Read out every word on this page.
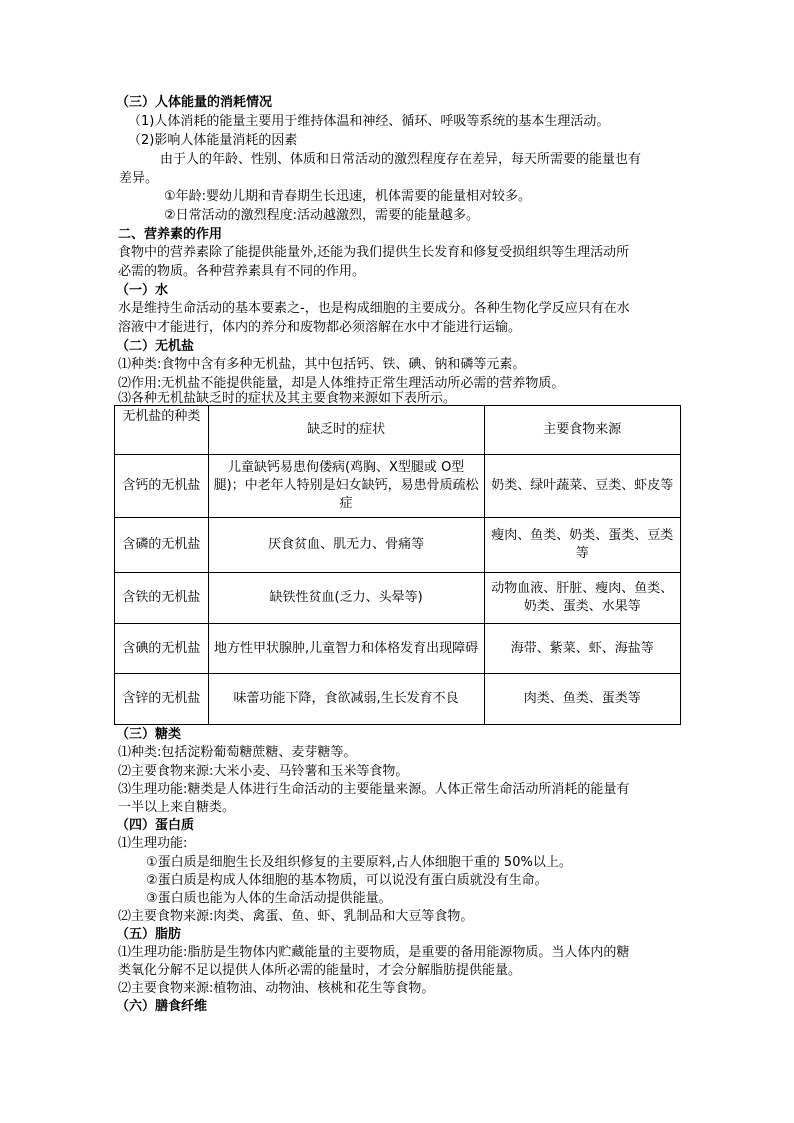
（三）人体能量的消耗情况
（1)人体消耗的能量主要用于维持体温和神经、循环、呼吸等系统的基本生理活动。
（2)影响人体能量消耗的因素
由于人的年龄、性别、体质和日常活动的激烈程度存在差异，每天所需要的能量也有
差异。
①年龄:婴幼儿期和青春期生长迅速，机体需要的能量相对较多。
②日常活动的激烈程度:活动越激烈，需要的能量越多。
二、营养素的作用
食物中的营养素除了能提供能量外,还能为我们提供生长发育和修复受损组织等生理活动所
必需的物质。各种营养素具有不同的作用。
（一）水
水是维持生命活动的基本要素之-，也是构成细胞的主要成分。各种生物化学反应只有在水
溶液中才能进行，体内的养分和废物都必须溶解在水中才能进行运输。
（二）无机盐
⑴种类:食物中含有多种无机盐，其中包括钙、铁、碘、钠和磷等元素。
⑵作用:无机盐不能提供能量，却是人体维持正常生理活动所必需的营养物质。
⑶各种无机盐缺乏时的症状及其主要食物来源如下表所示。
无机盐的种类	缺乏时的症状	主要食物来源
含钙的无机盐	儿童缺钙易患佝偻病(鸡胸、X型腿或 O型腿)；中老年人特别是妇女缺钙，易患骨质疏松症	奶类、绿叶蔬菜、豆类、虾皮等
含磷的无机盐	厌食贫血、肌无力、骨痛等	瘦肉、鱼类、奶类、蛋类、豆类等
含铁的无机盐	缺铁性贫血(乏力、头晕等)	动物血液、肝脏、瘦肉、鱼类、奶类、蛋类、水果等
含碘的无机盐	地方性甲状腺肿,儿童智力和体格发育出现障碍	海带、紫菜、虾、海盐等
含锌的无机盐	味蕾功能下降，食欲减弱,生长发育不良	肉类、鱼类、蛋类等
（三）糖类
⑴种类:包括淀粉葡萄糖蔗糖、麦芽糖等。
⑵主要食物来源:大米小麦、马铃薯和玉米等食物。
⑶生理功能:糖类是人体进行生命活动的主要能量来源。人体正常生命活动所消耗的能量有
一半以上来自糖类。
（四）蛋白质
⑴生理功能:
①蛋白质是细胞生长及组织修复的主要原料,占人体细胞干重的 50%以上。
②蛋白质是构成人体细胞的基本物质，可以说没有蛋白质就没有生命。
③蛋白质也能为人体的生命活动提供能量。
⑵主要食物来源:肉类、禽蛋、鱼、虾、乳制品和大豆等食物。
（五）脂肪
⑴生理功能:脂肪是生物体内贮藏能量的主要物质，是重要的备用能源物质。当人体内的糖
类氧化分解不足以提供人体所必需的能量时，才会分解脂肪提供能量。
⑵主要食物来源:植物油、动物油、核桃和花生等食物。
（六）膳食纤维
